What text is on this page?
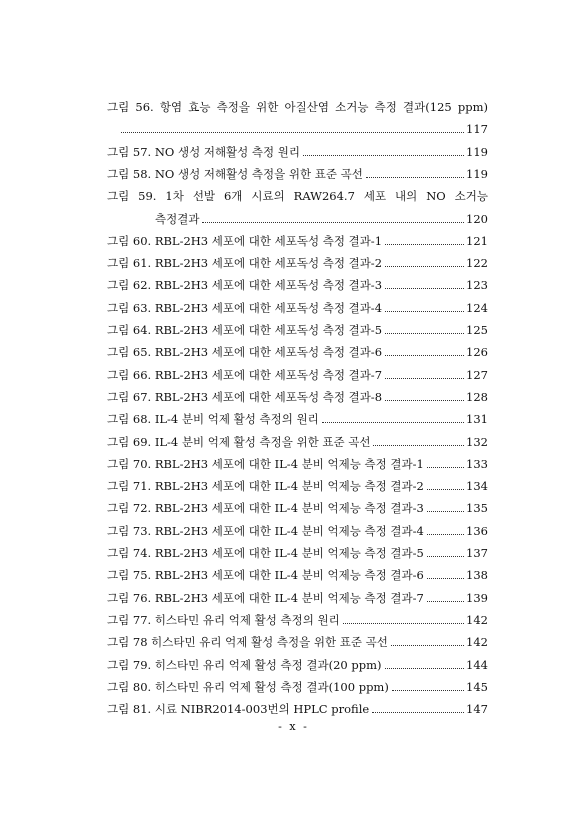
그림 56. 항염 효능 측정을 위한 아질산염 소거능 측정 결과(125 ppm)
117
그림 57. NO 생성 저해활성 측정 원리	119
그림 58. NO 생성 저해활성 측정을 위한 표준 곡선	119
그림 59. 1차 선발 6개 시료의 RAW264.7 세포 내의 NO 소거능
측정결과	120
그림 60. RBL-2H3 세포에 대한 세포독성 측정 결과-1	121
그림 61. RBL-2H3 세포에 대한 세포독성 측정 결과-2	122
그림 62. RBL-2H3 세포에 대한 세포독성 측정 결과-3	123
그림 63. RBL-2H3 세포에 대한 세포독성 측정 결과-4	124
그림 64. RBL-2H3 세포에 대한 세포독성 측정 결과-5	125
그림 65. RBL-2H3 세포에 대한 세포독성 측정 결과-6	126
그림 66. RBL-2H3 세포에 대한 세포독성 측정 결과-7	127
그림 67. RBL-2H3 세포에 대한 세포독성 측정 결과-8	128
그림 68. IL-4 분비 억제 활성 측정의 원리	131
그림 69. IL-4 분비 억제 활성 측정을 위한 표준 곡선	132
그림 70. RBL-2H3 세포에 대한 IL-4 분비 억제능 측정 결과-1	133
그림 71. RBL-2H3 세포에 대한 IL-4 분비 억제능 측정 결과-2	134
그림 72. RBL-2H3 세포에 대한 IL-4 분비 억제능 측정 결과-3	135
그림 73. RBL-2H3 세포에 대한 IL-4 분비 억제능 측정 결과-4	136
그림 74. RBL-2H3 세포에 대한 IL-4 분비 억제능 측정 결과-5	137
그림 75. RBL-2H3 세포에 대한 IL-4 분비 억제능 측정 결과-6	138
그림 76. RBL-2H3 세포에 대한 IL-4 분비 억제능 측정 결과-7	139
그림 77. 히스타민 유리 억제 활성 측정의 원리	142
그림 78 히스타민 유리 억제 활성 측정을 위한 표준 곡선	142
그림 79. 히스타민 유리 억제 활성 측정 결과(20 ppm)	144
그림 80. 히스타민 유리 억제 활성 측정 결과(100 ppm)	145
그림 81. 시료 NIBR2014-003번의 HPLC profile	147
- x -
